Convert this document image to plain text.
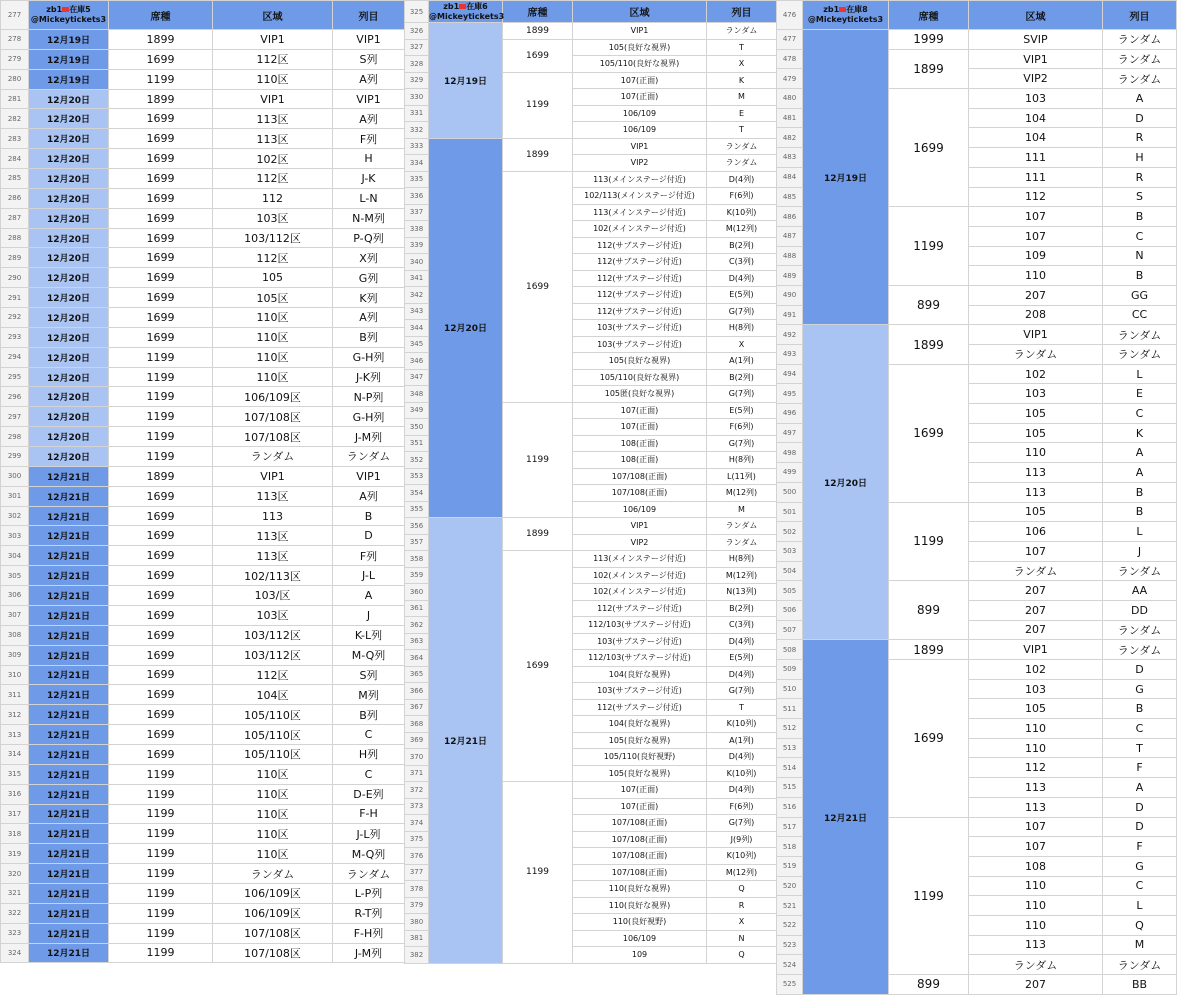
277	zb1 在庫5
@Mickeytickets3	席種	区域	列目
278	12月19日	1899	VIP1	VIP1
279	12月19日	1699	112区	S列
280	12月19日	1199	110区	A列
281	12月20日	1899	VIP1	VIP1
282	12月20日	1699	113区	A列
283	12月20日	1699	113区	F列
284	12月20日	1699	102区	H
285	12月20日	1699	112区	J-K
286	12月20日	1699	112	L-N
287	12月20日	1699	103区	N-M列
288	12月20日	1699	103/112区	P-Q列
289	12月20日	1699	112区	X列
290	12月20日	1699	105	G列
291	12月20日	1699	105区	K列
292	12月20日	1699	110区	A列
293	12月20日	1699	110区	B列
294	12月20日	1199	110区	G-H列
295	12月20日	1199	110区	J-K列
296	12月20日	1199	106/109区	N-P列
297	12月20日	1199	107/108区	G-H列
298	12月20日	1199	107/108区	J-M列
299	12月20日	1199	ランダム	ランダム
300	12月21日	1899	VIP1	VIP1
301	12月21日	1699	113区	A列
302	12月21日	1699	113	B
303	12月21日	1699	113区	D
304	12月21日	1699	113区	F列
305	12月21日	1699	102/113区	J-L
306	12月21日	1699	103/区	A
307	12月21日	1699	103区	J
308	12月21日	1699	103/112区	K-L列
309	12月21日	1699	103/112区	M-Q列
310	12月21日	1699	112区	S列
311	12月21日	1699	104区	M列
312	12月21日	1699	105/110区	B列
313	12月21日	1699	105/110区	C
314	12月21日	1699	105/110区	H列
315	12月21日	1199	110区	C
316	12月21日	1199	110区	D-E列
317	12月21日	1199	110区	F-H
318	12月21日	1199	110区	J-L列
319	12月21日	1199	110区	M-Q列
320	12月21日	1199	ランダム	ランダム
321	12月21日	1199	106/109区	L-P列
322	12月21日	1199	106/109区	R-T列
323	12月21日	1199	107/108区	F-H列
324	12月21日	1199	107/108区	J-M列
325	zb1 在庫6
@Mickeytickets3	席種	区域	列目
326	12月19日	1899	VIP1	ランダム
327		1699	105(良好な視界)	T
328			105/110(良好な視界)	X
329		1199	107(正面)	K
330			107(正面)	M
331			106/109	E
332			106/109	T
333	12月20日	1899	VIP1	ランダム
334			VIP2	ランダム
335		1699	113(メインステージ付近)	D(4列)
336			102/113(メインステージ付近)	F(6列)
337			113(メインステージ付近)	K(10列)
338			102(メインステージ付近)	M(12列)
339			112(サブステージ付近)	B(2列)
340			112(サブステージ付近)	C(3列)
341			112(サブステージ付近)	D(4列)
342			112(サブステージ付近)	E(5列)
343			112(サブステージ付近)	G(7列)
344			103(サブステージ付近)	H(8列)
345			103(サブステージ付近)	X
346			105(良好な視界)	A(1列)
347			105/110(良好な視界)	B(2列)
348			105匿(良好な視界)	G(7列)
349		1199	107(正面)	E(5列)
350			107(正面)	F(6列)
351			108(正面)	G(7列)
352			108(正面)	H(8列)
353			107/108(正面)	L(11列)
354			107/108(正面)	M(12列)
355			106/109	M
356	12月21日	1899	VIP1	ランダム
357			VIP2	ランダム
358		1699	113(メインステージ付近)	H(8列)
359			102(メインステージ付近)	M(12列)
360			102(メインステージ付近)	N(13列)
361			112(サブステージ付近)	B(2列)
362			112/103(サブステージ付近)	C(3列)
363			103(サブステージ付近)	D(4列)
364			112/103(サブステージ付近)	E(5列)
365			104(良好な視界)	D(4列)
366			103(サブステージ付近)	G(7列)
367			112(サブステージ付近)	T
368			104(良好な視界)	K(10列)
369			105(良好な視界)	A(1列)
370			105/110(良好視野)	D(4列)
371			105(良好な視界)	K(10列)
372		1199	107(正面)	D(4列)
373			107(正面)	F(6列)
374			107/108(正面)	G(7列)
375			107/108(正面)	J(9列)
376			107/108(正面)	K(10列)
377			107/108(正面)	M(12列)
378			110(良好な視界)	Q
379			110(良好な視界)	R
380			110(良好視野)	X
381			106/109	N
382			109	Q
476	zb1 在庫8
@Mickeytickets3	席種	区域	列目
477	12月19日	1999	SVIP	ランダム
478		1899	VIP1	ランダム
479			VIP2	ランダム
480		1699	103	A
481			104	D
482			104	R
483			111	H
484			111	R
485			112	S
486		1199	107	B
487			107	C
488			109	N
489			110	B
490		899	207	GG
491			208	CC
492	12月20日	1899	VIP1	ランダム
493			ランダム	ランダム
494		1699	102	L
495			103	E
496			105	C
497			105	K
498			110	A
499			113	A
500			113	B
501		1199	105	B
502			106	L
503			107	J
504			ランダム	ランダム
505		899	207	AA
506			207	DD
507			207	ランダム
508	12月21日	1899	VIP1	ランダム
509		1699	102	D
510			103	G
511			105	B
512			110	C
513			110	T
514			112	F
515			113	A
516			113	D
517		1199	107	D
518			107	F
519			108	G
520			110	C
521			110	L
522			110	Q
523			113	M
524			ランダム	ランダム
525		899	207	BB
